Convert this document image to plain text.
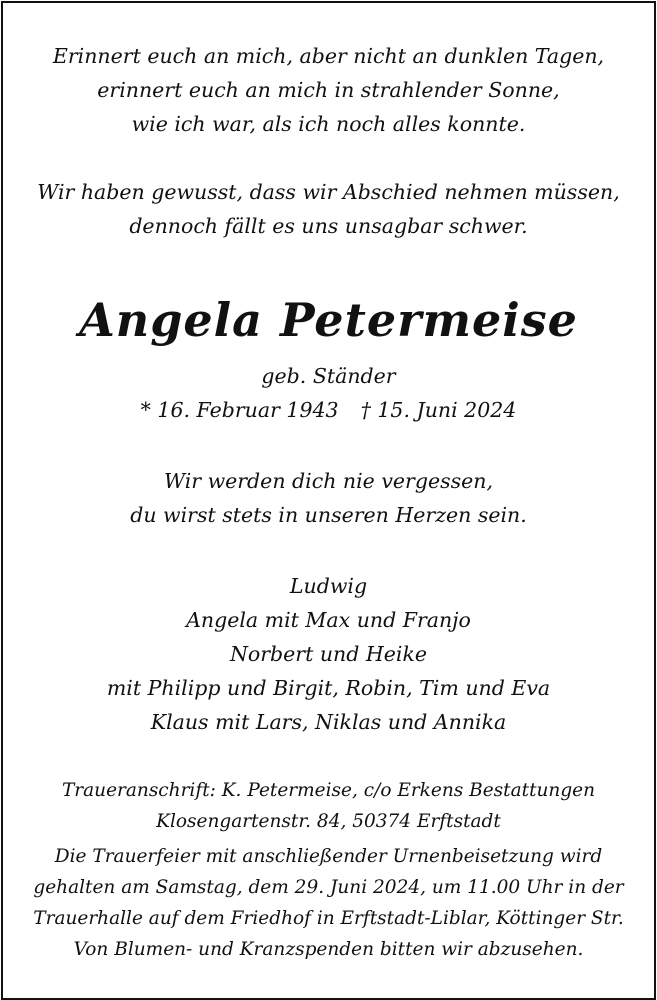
Erinnert euch an mich, aber nicht an dunklen Tagen,
erinnert euch an mich in strahlender Sonne,
wie ich war, als ich noch alles konnte.
Wir haben gewusst, dass wir Abschied nehmen müssen,
dennoch fällt es uns unsagbar schwer.
Angela Petermeise
geb. Ständer
* 16. Februar 1943 † 15. Juni 2024
Wir werden dich nie vergessen,
du wirst stets in unseren Herzen sein.
Ludwig
Angela mit Max und Franjo
Norbert und Heike
mit Philipp und Birgit, Robin, Tim und Eva
Klaus mit Lars, Niklas und Annika
Traueranschrift: K. Petermeise, c/o Erkens Bestattungen
Klosengartenstr. 84, 50374 Erftstadt
Die Trauerfeier mit anschließender Urnenbeisetzung wird
gehalten am Samstag, dem 29. Juni 2024, um 11.00 Uhr in der
Trauerhalle auf dem Friedhof in Erftstadt-Liblar, Köttinger Str.
Von Blumen- und Kranzspenden bitten wir abzusehen.
